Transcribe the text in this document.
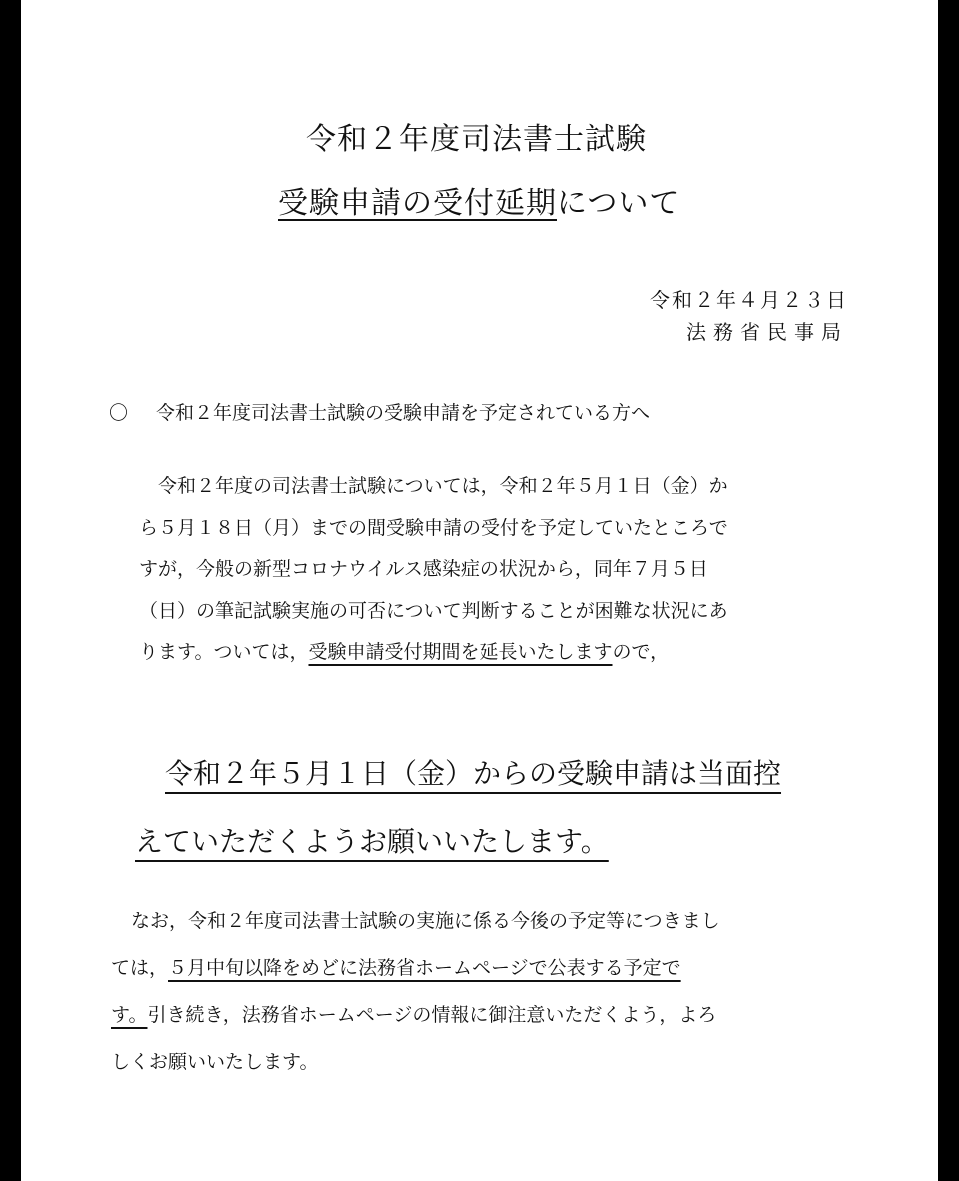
令和２年度司法書士試験
受験申請の受付延期について
令和２年４月２３日
法務省民事局
〇 令和２年度司法書士試験の受験申請を予定されている方へ
令和２年度の司法書士試験については，令和２年５月１日（金）か
ら５月１８日（月）までの間受験申請の受付を予定していたところで
すが，今般の新型コロナウイルス感染症の状況から，同年７月５日
（日）の筆記試験実施の可否について判断することが困難な状況にあ
ります。ついては，受験申請受付期間を延長いたしますので，
令和２年５月１日（金）からの受験申請は当面控
えていただくようお願いいたします。
なお，令和２年度司法書士試験の実施に係る今後の予定等につきまし
ては，５月中旬以降をめどに法務省ホームページで公表する予定で
す。引き続き，法務省ホームページの情報に御注意いただくよう，よろ
しくお願いいたします。
